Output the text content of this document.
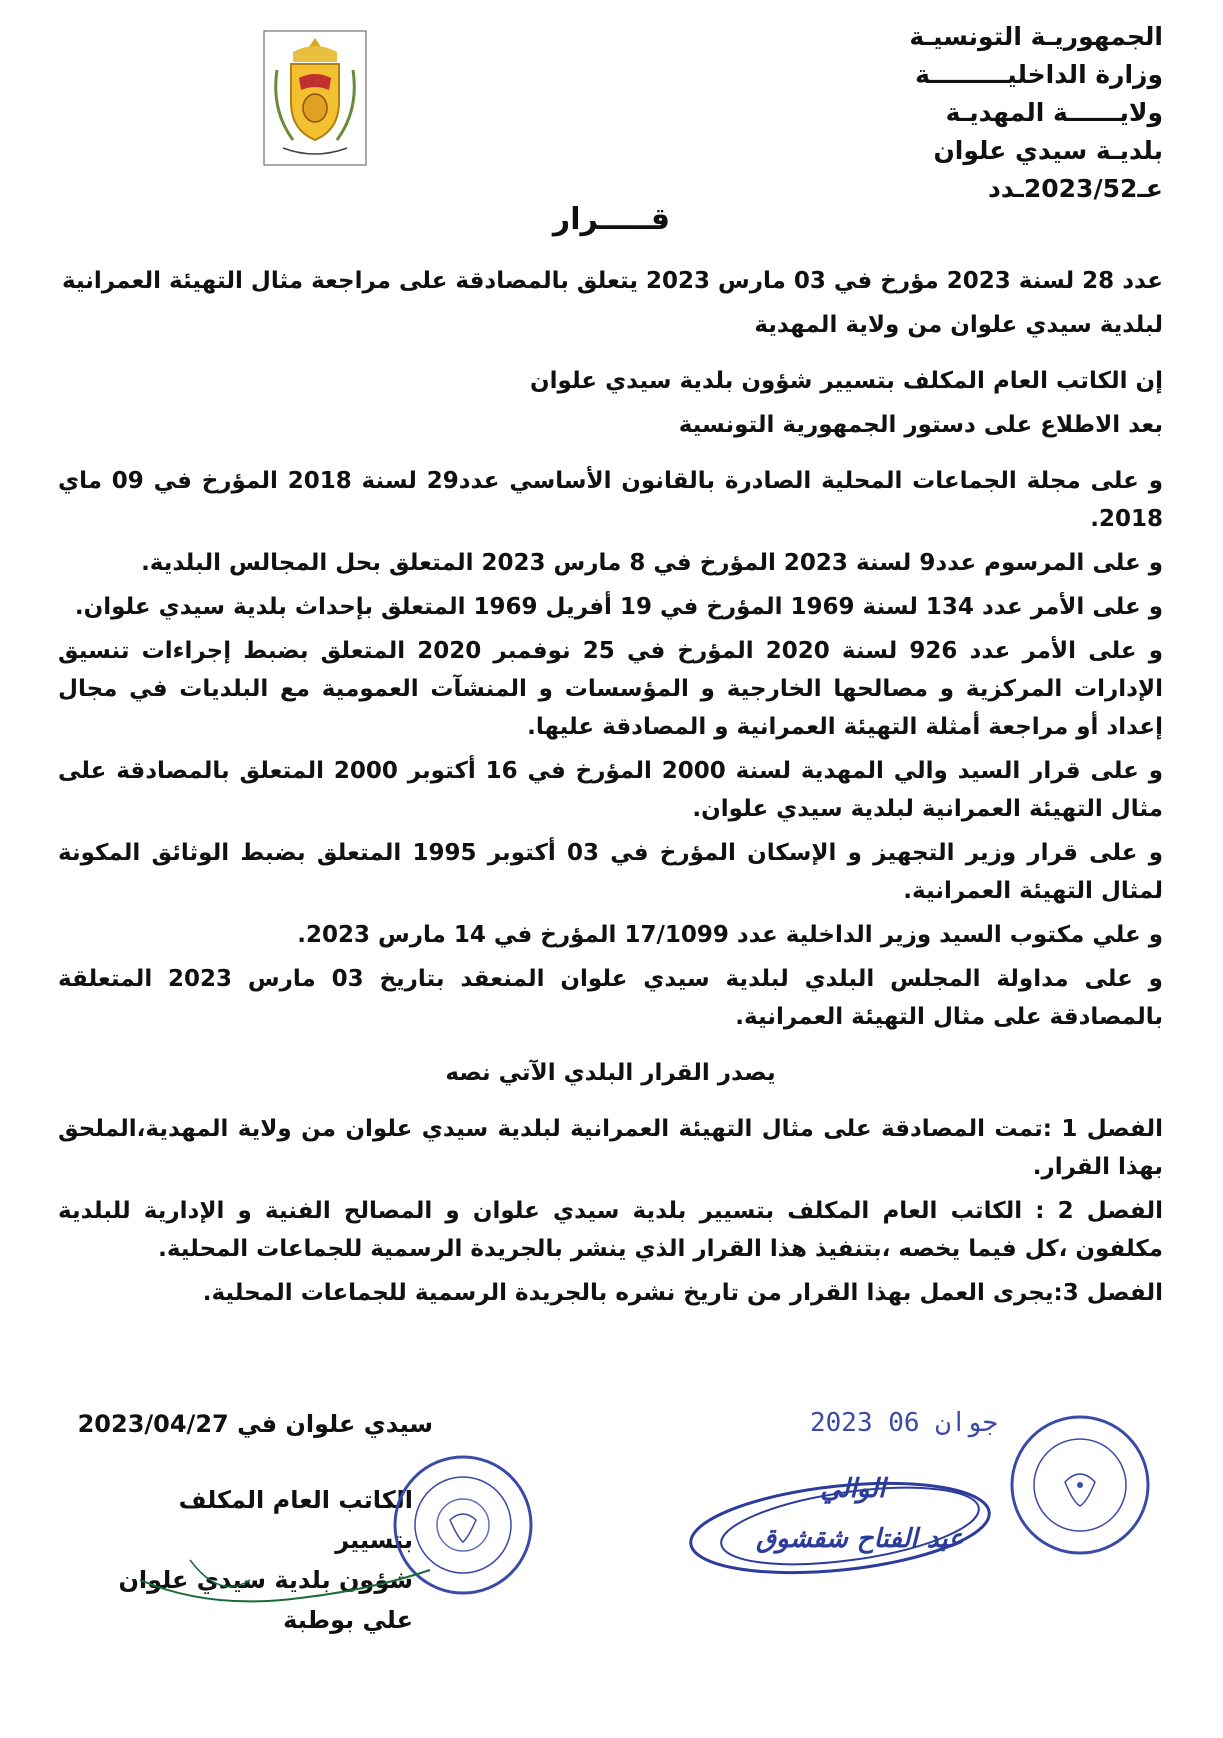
الجمهوريـة التونسيـة
وزارة الداخليـــــــــة
ولايــــــة المهديـة
بلديـة سيدي علوان
عـ2023/52ـدد
قـــــرار

عدد 28 لسنة 2023 مؤرخ في 03 مارس 2023 يتعلق بالمصادقة على مراجعة مثال التهيئة العمرانية

لبلدية سيدي علوان من ولاية المهدية

إن الكاتب العام المكلف بتسيير شؤون بلدية سيدي علوان

بعد الاطلاع على دستور الجمهورية التونسية

و على مجلة الجماعات المحلية الصادرة بالقانون الأساسي عدد29 لسنة 2018 المؤرخ في 09 ماي 2018.

و على المرسوم عدد9 لسنة 2023 المؤرخ في 8 مارس 2023 المتعلق بحل المجالس البلدية.

و على الأمر عدد 134 لسنة 1969 المؤرخ في 19 أفريل 1969 المتعلق بإحداث بلدية سيدي علوان.

و على الأمر عدد 926 لسنة 2020 المؤرخ في 25 نوفمبر 2020 المتعلق بضبط إجراءات تنسيق الإدارات المركزية و مصالحها الخارجية و المؤسسات و المنشآت العمومية مع البلديات في مجال إعداد أو مراجعة أمثلة التهيئة العمرانية و المصادقة عليها.

و على قرار السيد والي المهدية لسنة 2000 المؤرخ في 16 أكتوبر 2000 المتعلق بالمصادقة على مثال التهيئة العمرانية لبلدية سيدي علوان.

و على قرار وزير التجهيز و الإسكان المؤرخ في 03 أكتوبر 1995 المتعلق بضبط الوثائق المكونة لمثال التهيئة العمرانية.

و علي مكتوب السيد وزير الداخلية عدد 17/1099 المؤرخ في 14 مارس 2023.

و على مداولة المجلس البلدي لبلدية سيدي علوان المنعقد بتاريخ 03 مارس 2023 المتعلقة بالمصادقة على مثال التهيئة العمرانية.

يصدر القرار البلدي الآتي نصه

الفصل 1 :تمت المصادقة على مثال التهيئة العمرانية لبلدية سيدي علوان من ولاية المهدية،الملحق بهذا القرار.

الفصل 2 : الكاتب العام المكلف بتسيير بلدية سيدي علوان و المصالح الفنية و الإدارية للبلدية مكلفون ،كل فيما يخصه ،بتنفيذ هذا القرار الذي ينشر بالجريدة الرسمية للجماعات المحلية.

الفصل 3:يجرى العمل بهذا القرار من تاريخ نشره بالجريدة الرسمية للجماعات المحلية.

سيدي علوان في 2023/04/27
الكاتب العام المكلف بتسيير
شؤون بلدية سيدي علوان
علي بوطبة
2023 جوان 06
الوالي
عبد الفتاح شقشوق
